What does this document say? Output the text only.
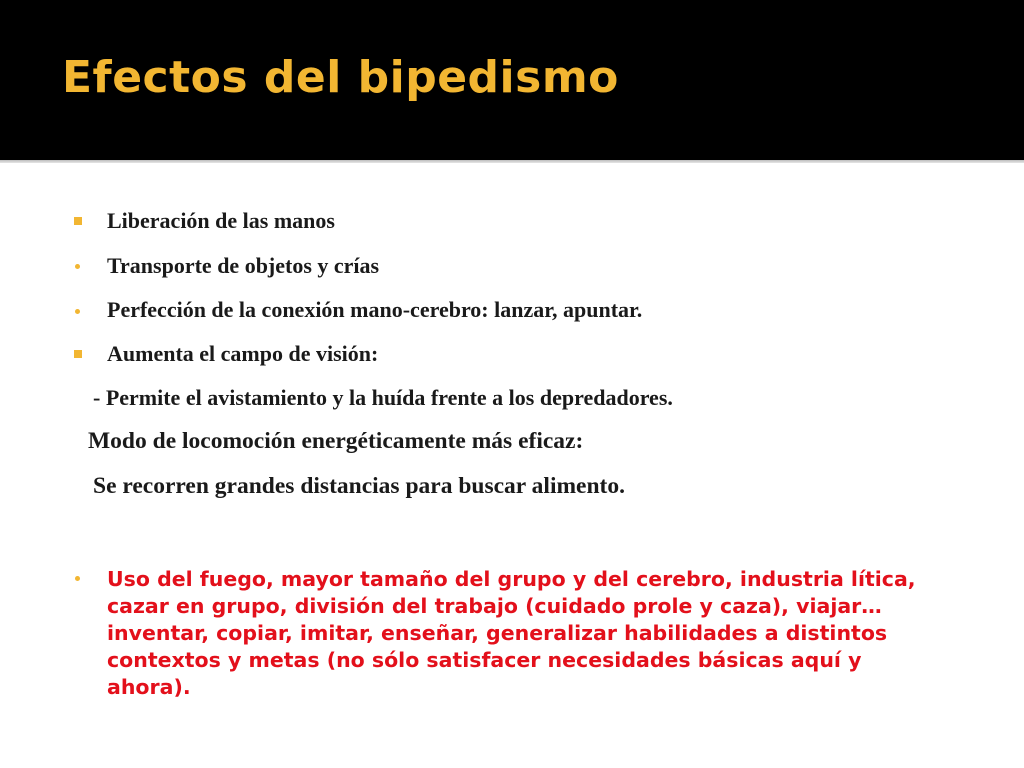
Efectos del bipedismo
Liberación de las manos
Transporte de objetos y crías
Perfección de la conexión mano-cerebro: lanzar, apuntar.
Aumenta el campo de visión:
- Permite el avistamiento y la huída frente a los depredadores.
Modo de locomoción energéticamente más eficaz:
Se recorren grandes distancias para buscar alimento.
Uso del fuego, mayor tamaño del grupo y del cerebro, industria lítica,
cazar en grupo, división del trabajo (cuidado prole y caza), viajar…
inventar, copiar, imitar, enseñar, generalizar habilidades a distintos
contextos y metas (no sólo satisfacer necesidades básicas aquí y
ahora).
